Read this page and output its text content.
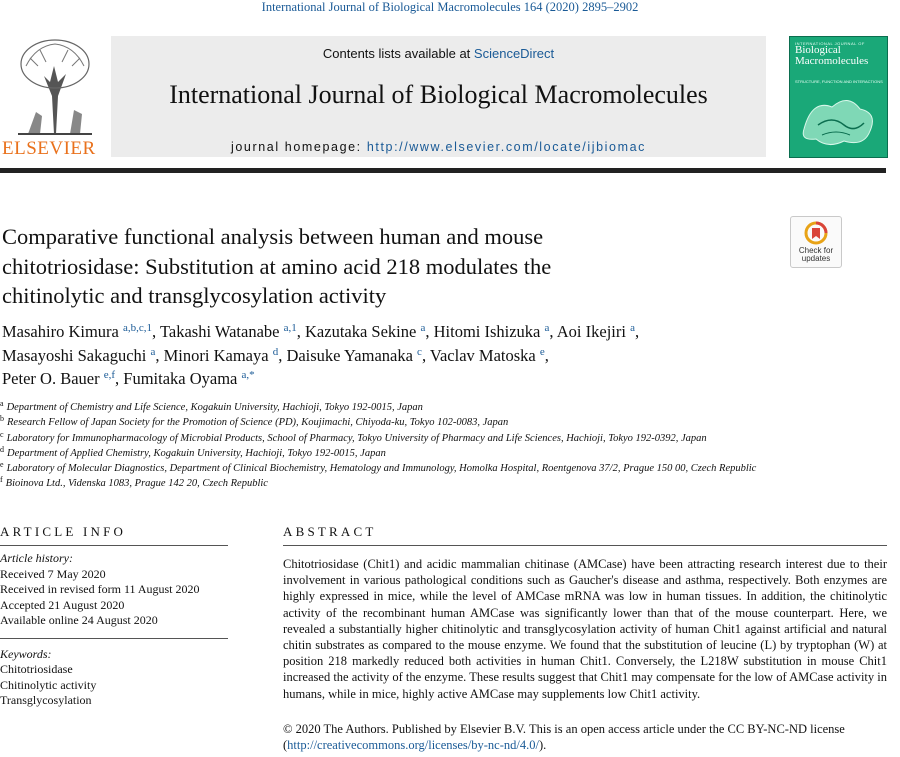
International Journal of Biological Macromolecules 164 (2020) 2895–2902
ELSEVIER
Contents lists available at ScienceDirect
International Journal of Biological Macromolecules
journal homepage: http://www.elsevier.com/locate/ijbiomac
INTERNATIONAL JOURNAL OF
Biological Macromolecules
STRUCTURE, FUNCTION AND INTERACTIONS
Comparative functional analysis between human and mouse
chitotriosidase: Substitution at amino acid 218 modulates the
chitinolytic and transglycosylation activity
Check for
updates
Masahiro Kimura $^{a,b,c,1}$, Takashi Watanabe $^{a,1}$, Kazutaka Sekine $^a$, Hitomi Ishizuka $^a$, Aoi Ikejiri $^a$,
Masayoshi Sakaguchi $^a$, Minori Kamaya $^d$, Daisuke Yamanaka $^c$, Vaclav Matoska $^e$,
Peter O. Bauer $^{e,f}$, Fumitaka Oyama $^{a,*}$
$^a$ Department of Chemistry and Life Science, Kogakuin University, Hachioji, Tokyo 192-0015, Japan
$^b$ Research Fellow of Japan Society for the Promotion of Science (PD), Koujimachi, Chiyoda-ku, Tokyo 102-0083, Japan
$^c$ Laboratory for Immunopharmacology of Microbial Products, School of Pharmacy, Tokyo University of Pharmacy and Life Sciences, Hachioji, Tokyo 192-0392, Japan
$^d$ Department of Applied Chemistry, Kogakuin University, Hachioji, Tokyo 192-0015, Japan
$^e$ Laboratory of Molecular Diagnostics, Department of Clinical Biochemistry, Hematology and Immunology, Homolka Hospital, Roentgenova 37/2, Prague 150 00, Czech Republic
$^f$ Bioinova Ltd., Videnska 1083, Prague 142 20, Czech Republic
ARTICLE INFO	ABSTRACT
Article history:
Received 7 May 2020
Received in revised form 11 August 2020
Accepted 21 August 2020
Available online 24 August 2020
Keywords:
Chitotriosidase
Chitinolytic activity
Transglycosylation
Chitotriosidase (Chit1) and acidic mammalian chitinase (AMCase) have been attracting research interest due to their involvement in various pathological conditions such as Gaucher's disease and asthma, respectively. Both enzymes are highly expressed in mice, while the level of AMCase mRNA was low in human tissues. In addition, the chitinolytic activity of the recombinant human AMCase was significantly lower than that of the mouse counterpart. Here, we revealed a substantially higher chitinolytic and transglycosylation activity of human Chit1 against artificial and natural chitin substrates as compared to the mouse enzyme. We found that the substitution of leucine (L) by tryptophan (W) at position 218 markedly reduced both activities in human Chit1. Conversely, the L218W substitution in mouse Chit1 increased the activity of the enzyme. These results suggest that Chit1 may compensate for the low of AMCase activity in humans, while in mice, highly active AMCase may supplements low Chit1 activity.
© 2020 The Authors. Published by Elsevier B.V. This is an open access article under the CC BY-NC-ND license (http://creativecommons.org/licenses/by-nc-nd/4.0/).
